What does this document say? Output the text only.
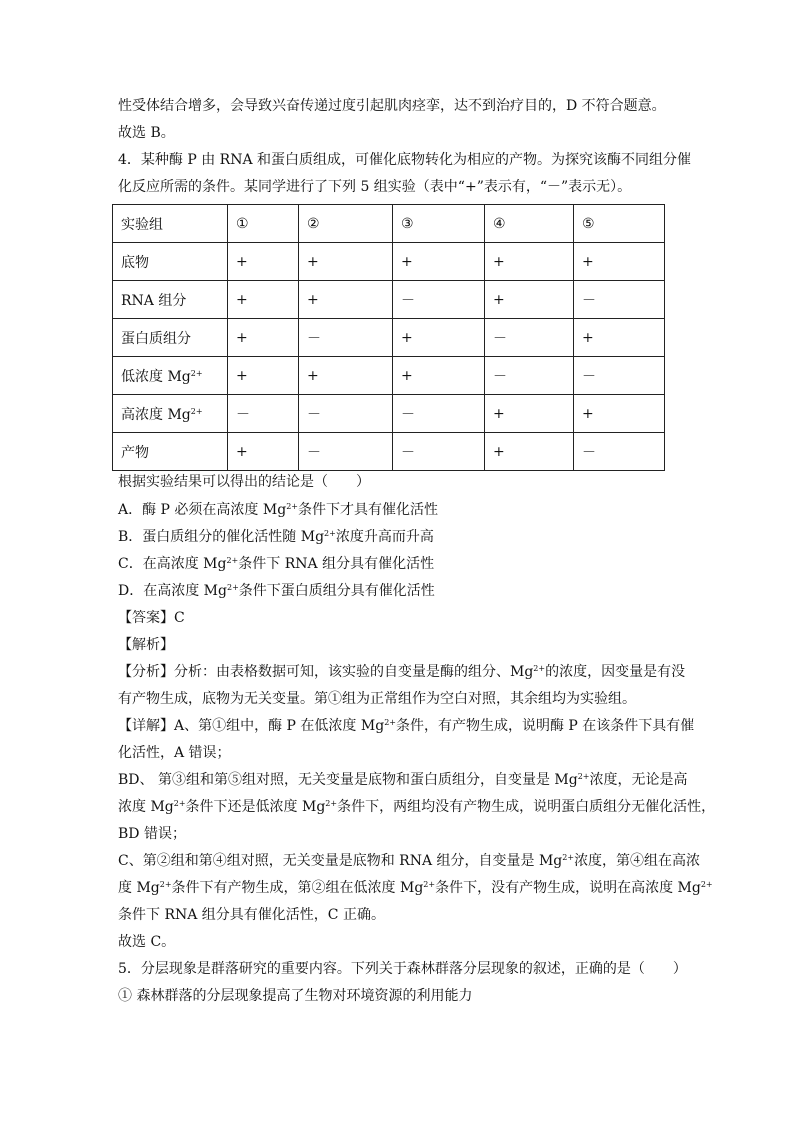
性受体结合增多，会导致兴奋传递过度引起肌肉痉挛，达不到治疗目的，D 不符合题意。
故选 B。
4．某种酶 P 由 RNA 和蛋白质组成，可催化底物转化为相应的产物。为探究该酶不同组分催
化反应所需的条件。某同学进行了下列 5 组实验（表中“+”表示有，“－”表示无）。
实验组	①	②	③	④	⑤
底物	+	+	+	+	+
RNA 组分	+	+	－	+	－
蛋白质组分	+	－	+	－	+
低浓度 $Mg^{2+}$	+	+	+	－	－
高浓度 $Mg^{2+}$	－	－	－	+	+
产物	+	－	－	+	－
根据实验结果可以得出的结论是（　　）
A．酶 P 必须在高浓度 $Mg^{2+}$条件下才具有催化活性
B．蛋白质组分的催化活性随 $Mg^{2+}$浓度升高而升高
C．在高浓度 $Mg^{2+}$条件下 RNA 组分具有催化活性
D．在高浓度 $Mg^{2+}$条件下蛋白质组分具有催化活性
【答案】C
【解析】
【分析】分析：由表格数据可知，该实验的自变量是酶的组分、$Mg^{2+}$的浓度，因变量是有没
有产物生成，底物为无关变量。第①组为正常组作为空白对照，其余组均为实验组。
【详解】A、第①组中，酶 P 在低浓度 $Mg^{2+}$条件，有产物生成，说明酶 P 在该条件下具有催
化活性，A 错误；
BD、 第③组和第⑤组对照，无关变量是底物和蛋白质组分，自变量是 $Mg^{2+}$浓度，无论是高
浓度 $Mg^{2+}$条件下还是低浓度 $Mg^{2+}$条件下，两组均没有产物生成，说明蛋白质组分无催化活性，
BD 错误；
C、第②组和第④组对照，无关变量是底物和 RNA 组分，自变量是 $Mg^{2+}$浓度，第④组在高浓
度 $Mg^{2+}$条件下有产物生成，第②组在低浓度 $Mg^{2+}$条件下，没有产物生成，说明在高浓度 $Mg^{2+}$
条件下 RNA 组分具有催化活性，C 正确。
故选 C。
5．分层现象是群落研究的重要内容。下列关于森林群落分层现象的叙述，正确的是（　　）
① 森林群落的分层现象提高了生物对环境资源的利用能力
